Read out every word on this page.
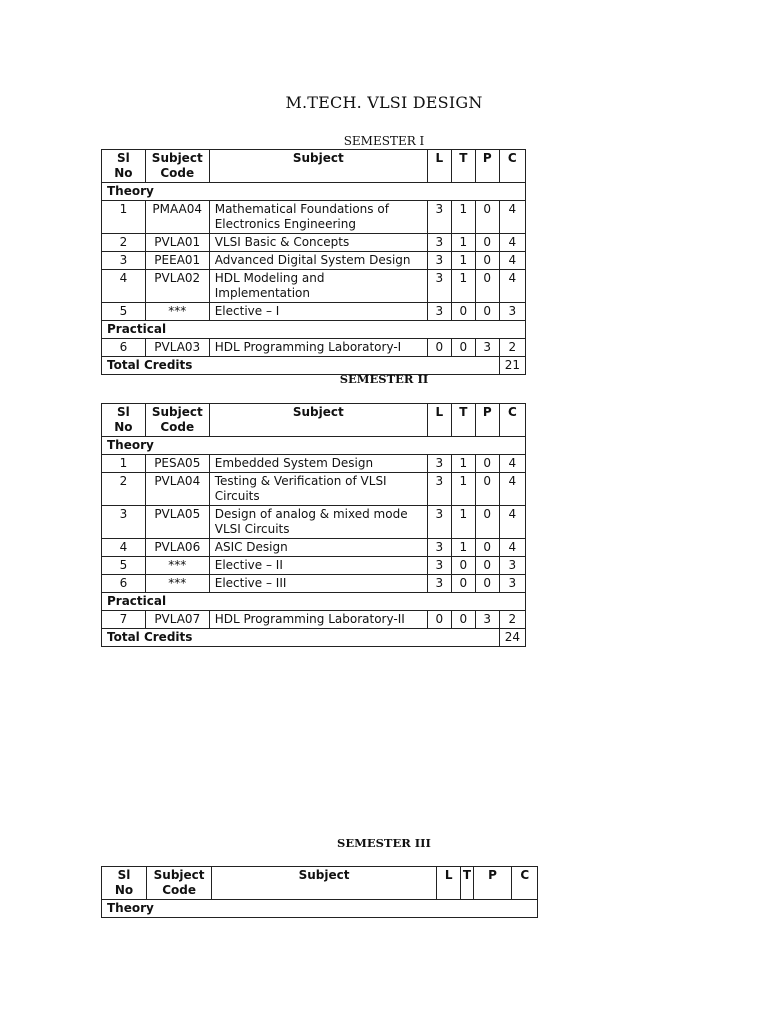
M.TECH. VLSI DESIGN
SEMESTER I
Sl No	Subject Code	Subject	L	T	P	C
Theory						
1	PMAA04	Mathematical Foundations of Electronics Engineering	3	1	0	4
2	PVLA01	VLSI Basic & Concepts	3	1	0	4
3	PEEA01	Advanced Digital System Design	3	1	0	4
4	PVLA02	HDL Modeling and Implementation	3	1	0	4
5	***	Elective – I	3	0	0	3
Practical						
6	PVLA03	HDL Programming Laboratory-I	0	0	3	2
Total Credits						21
SEMESTER II
Sl No	Subject Code	Subject	L	T	P	C
Theory						
1	PESA05	Embedded System Design	3	1	0	4
2	PVLA04	Testing & Verification of VLSI Circuits	3	1	0	4
3	PVLA05	Design of analog & mixed mode VLSI Circuits	3	1	0	4
4	PVLA06	ASIC Design	3	1	0	4
5	***	Elective – II	3	0	0	3
6	***	Elective – III	3	0	0	3
Practical						
7	PVLA07	HDL Programming Laboratory-II	0	0	3	2
Total Credits						24
SEMESTER III
Sl No	Subject Code	Subject	L	T	P	C
Theory
